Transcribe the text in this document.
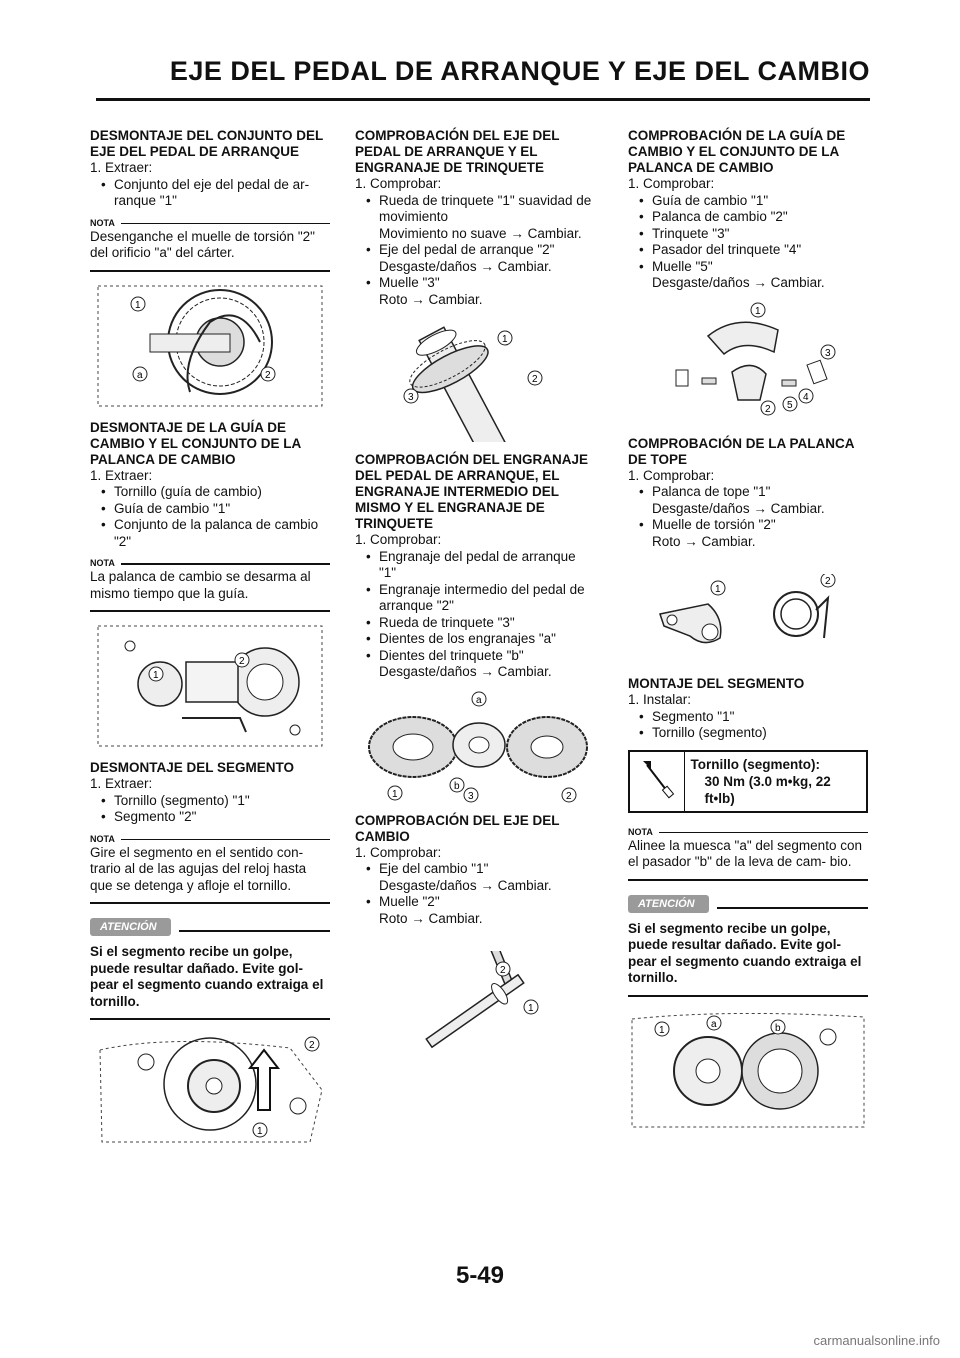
EJE DEL PEDAL DE ARRANQUE Y EJE DEL CAMBIO
DESMONTAJE DEL CONJUNTO DEL EJE DEL PEDAL DE ARRANQUE
1. Extraer:
• Conjunto del eje del pedal de ar-
ranque "1"
NOTA
Desenganche el muelle de torsión "2" del orificio "a" del cárter.
1
a	2
DESMONTAJE DE LA GUÍA DE CAMBIO Y EL CONJUNTO DE LA PALANCA DE CAMBIO
1. Extraer:
• Tornillo (guía de cambio)
• Guía de cambio "1"
• Conjunto de la palanca de cambio "2"
NOTA
La palanca de cambio se desarma al mismo tiempo que la guía.
1
2
DESMONTAJE DEL SEGMENTO
1. Extraer:
• Tornillo (segmento) "1"
• Segmento "2"
NOTA
Gire el segmento en el sentido con- trario al de las agujas del reloj hasta que se detenga y afloje el tornillo.
ATENCIÓN
Si el segmento recibe un golpe, puede resultar dañado. Evite gol- pear el segmento cuando extraiga el tornillo.
2
1
COMPROBACIÓN DEL EJE DEL PEDAL DE ARRANQUE Y EL ENGRANAJE DE TRINQUETE
1. Comprobar:
• Rueda de trinquete "1" suavidad de movimiento
Movimiento no suave → Cambiar.
• Eje del pedal de arranque "2"
Desgaste/daños → Cambiar.
• Muelle "3"
Roto → Cambiar.
1
2
3
COMPROBACIÓN DEL ENGRANAJE DEL PEDAL DE ARRANQUE, EL ENGRANAJE INTERMEDIO DEL MISMO Y EL ENGRANAJE DE TRINQUETE
1. Comprobar:
• Engranaje del pedal de arranque "1"
• Engranaje intermedio del pedal de arranque "2"
• Rueda de trinquete "3"
• Dientes de los engranajes "a"
• Dientes del trinquete "b"
Desgaste/daños → Cambiar.
a
1
b
3	2
COMPROBACIÓN DEL EJE DEL CAMBIO
1. Comprobar:
• Eje del cambio "1"
Desgaste/daños → Cambiar.
• Muelle "2"
Roto → Cambiar.
2
1
COMPROBACIÓN DE LA GUÍA DE CAMBIO Y EL CONJUNTO DE LA PALANCA DE CAMBIO
1. Comprobar:
• Guía de cambio "1"
• Palanca de cambio "2"
• Trinquete "3"
• Pasador del trinquete "4"
• Muelle "5"
Desgaste/daños → Cambiar.
1
3
4
5
2
COMPROBACIÓN DE LA PALANCA DE TOPE
1. Comprobar:
• Palanca de tope "1"
Desgaste/daños → Cambiar.
• Muelle de torsión "2"
Roto → Cambiar.
1
2
MONTAJE DEL SEGMENTO
1. Instalar:
• Segmento "1"
• Tornillo (segmento)
Tornillo (segmento):
30 Nm (3.0 m•kg, 22 ft•lb)
NOTA
Alinee la muesca "a" del segmento con el pasador "b" de la leva de cam- bio.
ATENCIÓN
Si el segmento recibe un golpe, puede resultar dañado. Evite gol- pear el segmento cuando extraiga el tornillo.
1
a	b
5-49
carmanualsonline.info
